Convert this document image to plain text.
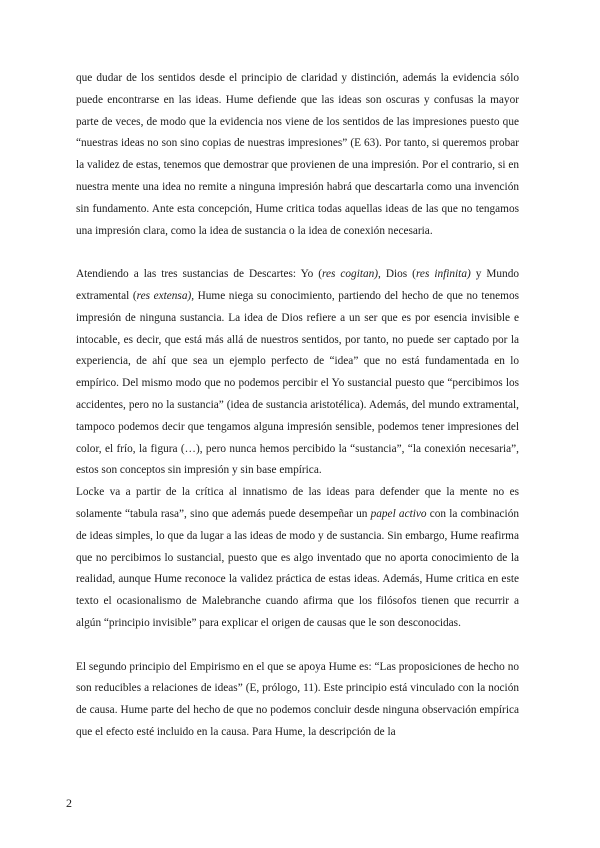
que dudar de los sentidos desde el principio de claridad y distinción, además la evidencia sólo puede encontrarse en las ideas. Hume defiende que las ideas son oscuras y confusas la mayor parte de veces, de modo que la evidencia nos viene de los sentidos de las impresiones puesto que “nuestras ideas no son sino copias de nuestras impresiones” (E 63). Por tanto, si queremos probar la validez de estas, tenemos que demostrar que provienen de una impresión. Por el contrario, si en nuestra mente una idea no remite a ninguna impresión habrá que descartarla como una invención sin fundamento. Ante esta concepción, Hume critica todas aquellas ideas de las que no tengamos una impresión clara, como la idea de sustancia o la idea de conexión necesaria.

Atendiendo a las tres sustancias de Descartes: Yo (res cogitan), Dios (res infinita) y Mundo extramental (res extensa), Hume niega su conocimiento, partiendo del hecho de que no tenemos impresión de ninguna sustancia. La idea de Dios refiere a un ser que es por esencia invisible e intocable, es decir, que está más allá de nuestros sentidos, por tanto, no puede ser captado por la experiencia, de ahí que sea un ejemplo perfecto de “idea” que no está fundamentada en lo empírico. Del mismo modo que no podemos percibir el Yo sustancial puesto que “percibimos los accidentes, pero no la sustancia” (idea de sustancia aristotélica). Además, del mundo extramental, tampoco podemos decir que tengamos alguna impresión sensible, podemos tener impresiones del color, el frío, la figura (…), pero nunca hemos percibido la “sustancia”, “la conexión necesaria”, estos son conceptos sin impresión y sin base empírica.

Locke va a partir de la crítica al innatismo de las ideas para defender que la mente no es solamente “tabula rasa”, sino que además puede desempeñar un papel activo con la combinación de ideas simples, lo que da lugar a las ideas de modo y de sustancia. Sin embargo, Hume reafirma que no percibimos lo sustancial, puesto que es algo inventado que no aporta conocimiento de la realidad, aunque Hume reconoce la validez práctica de estas ideas. Además, Hume critica en este texto el ocasionalismo de Malebranche cuando afirma que los filósofos tienen que recurrir a algún “principio invisible” para explicar el origen de causas que le son desconocidas.

El segundo principio del Empirismo en el que se apoya Hume es: “Las proposiciones de hecho no son reducibles a relaciones de ideas” (E, prólogo, 11). Este principio está vinculado con la noción de causa. Hume parte del hecho de que no podemos concluir desde ninguna observación empírica que el efecto esté incluido en la causa. Para Hume, la descripción de la

2
